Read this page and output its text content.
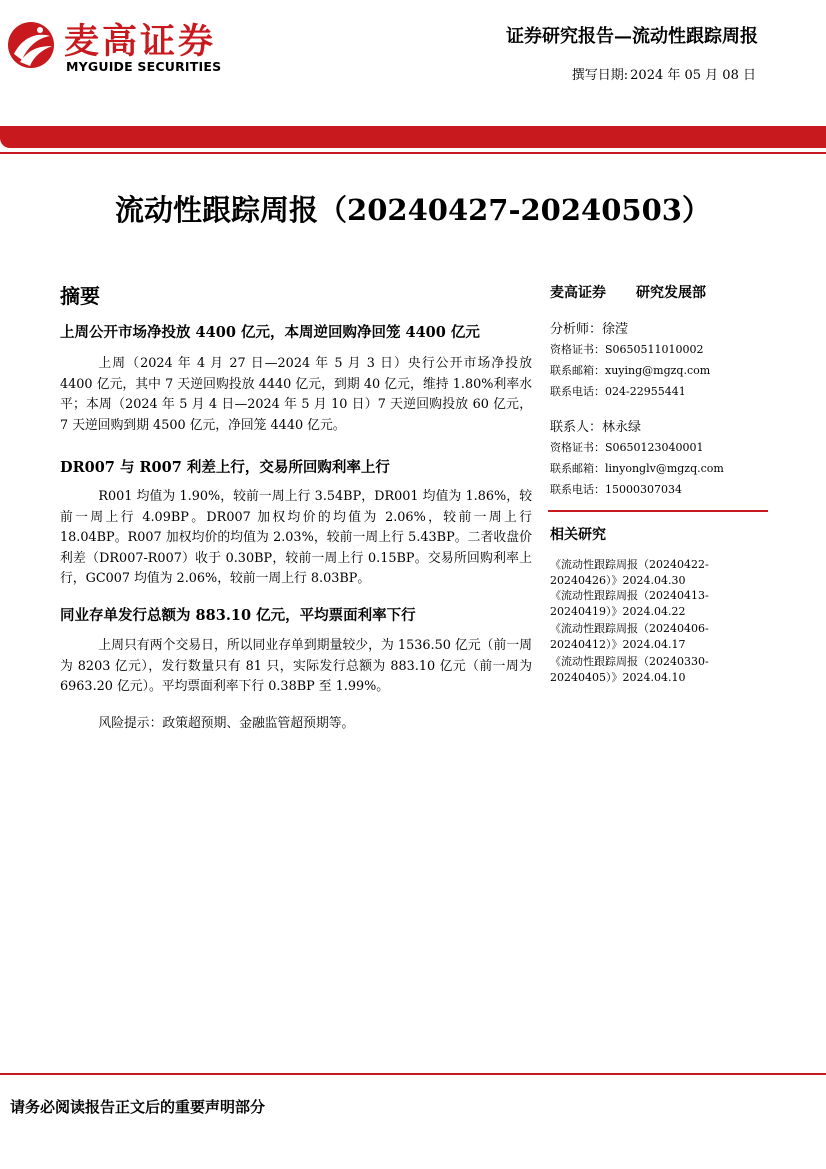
麦高证券
MYGUIDE SECURITIES
证券研究报告—流动性跟踪周报
撰写日期: 2024 年 05 月 08 日
流动性跟踪周报（20240427-20240503）
摘要
上周公开市场净投放 4400 亿元，本周逆回购净回笼 4400 亿元
上周（2024 年 4 月 27 日—2024 年 5 月 3 日）央行公开市场净投放 4400 亿元，其中 7 天逆回购投放 4440 亿元，到期 40 亿元，维持 1.80%利率水平；本周（2024 年 5 月 4 日—2024 年 5 月 10 日）7 天逆回购投放 60 亿元，7 天逆回购到期 4500 亿元，净回笼 4440 亿元。
DR007 与 R007 利差上行，交易所回购利率上行
R001 均值为 1.90%，较前一周上行 3.54BP，DR001 均值为 1.86%，较前一周上行 4.09BP。DR007 加权均价的均值为 2.06%，较前一周上行 18.04BP。R007 加权均价的均值为 2.03%，较前一周上行 5.43BP。二者收盘价利差（DR007-R007）收于 0.30BP，较前一周上行 0.15BP。交易所回购利率上行，GC007 均值为 2.06%，较前一周上行 8.03BP。
同业存单发行总额为 883.10 亿元，平均票面利率下行
上周只有两个交易日，所以同业存单到期量较少，为 1536.50 亿元（前一周为 8203 亿元），发行数量只有 81 只，实际发行总额为 883.10 亿元（前一周为 6963.20 亿元）。平均票面利率下行 0.38BP 至 1.99%。
风险提示：政策超预期、金融监管超预期等。
麦高证券 研究发展部
分析师：徐滢
资格证书：S0650511010002
联系邮箱：xuying@mgzq.com
联系电话：024-22955441
联系人：林永绿
资格证书：S0650123040001
联系邮箱：linyonglv@mgzq.com
联系电话：15000307034
相关研究
《流动性跟踪周报（20240422-20240426）》2024.04.30
《流动性跟踪周报（20240413-20240419）》2024.04.22
《流动性跟踪周报（20240406-20240412）》2024.04.17
《流动性跟踪周报（20240330-20240405）》2024.04.10
请务必阅读报告正文后的重要声明部分
